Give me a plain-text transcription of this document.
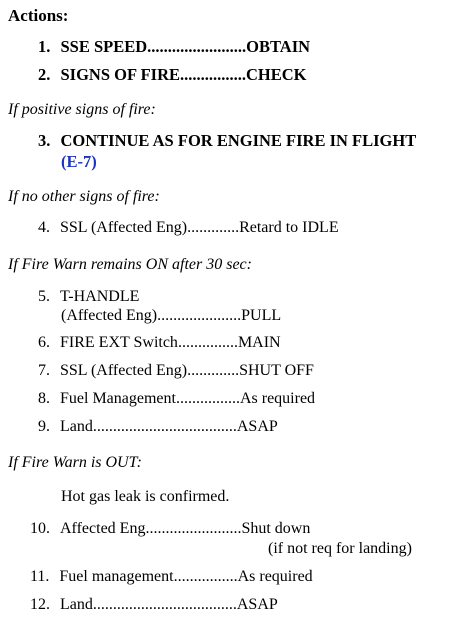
Actions:
1. SSE SPEED........................OBTAIN
2. SIGNS OF FIRE................CHECK
If positive signs of fire:
3. CONTINUE AS FOR ENGINE FIRE IN FLIGHT
(E-7)
If no other signs of fire:
4. SSL (Affected Eng).............Retard to IDLE
If Fire Warn remains ON after 30 sec:
5. T-HANDLE
(Affected Eng).....................PULL
6. FIRE EXT Switch...............MAIN
7. SSL (Affected Eng).............SHUT OFF
8. Fuel Management................As required
9. Land....................................ASAP
If Fire Warn is OUT:
Hot gas leak is confirmed.
10. Affected Eng........................Shut down
(if not req for landing)
11. Fuel management................As required
12. Land....................................ASAP
